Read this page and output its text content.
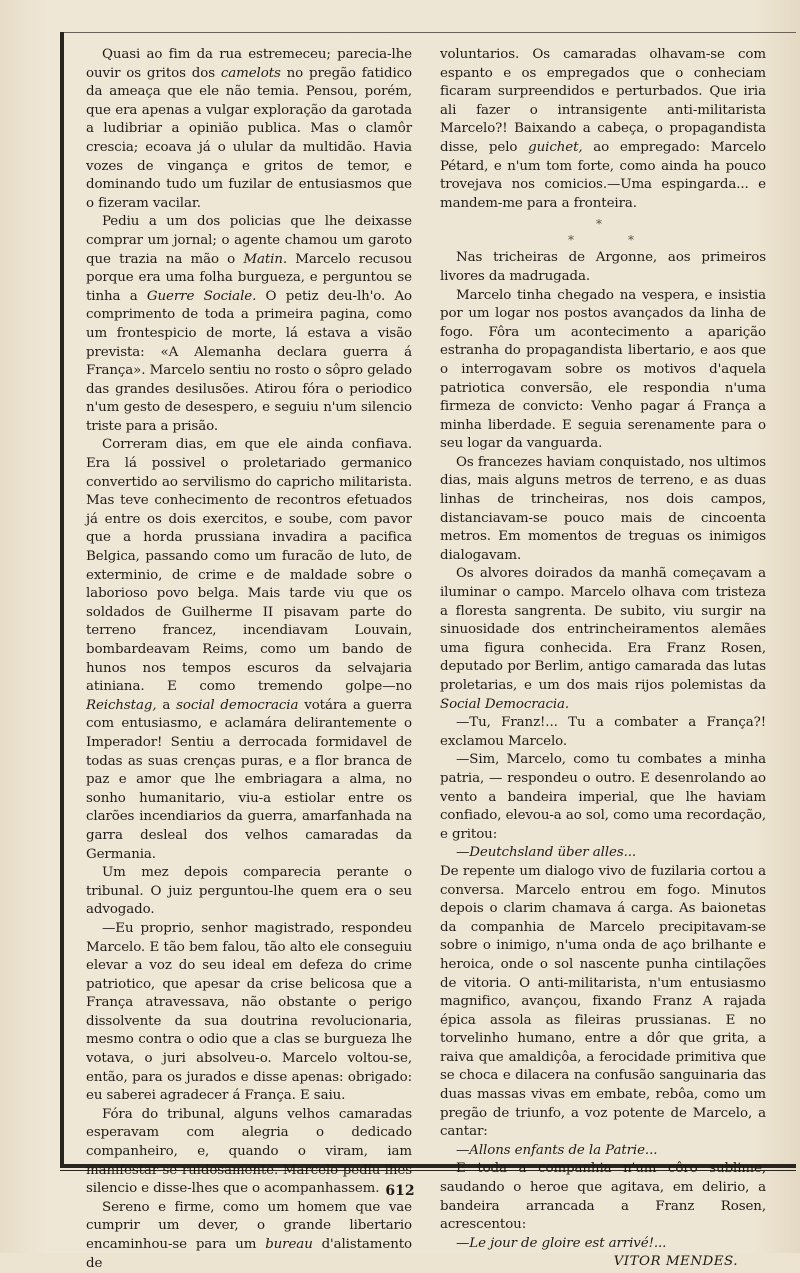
Quasi ao fim da rua estremeceu; pareciа-lhe ouvir os gritos dos camelots no pregão fatidico da ameaça que ele não temia. Pensou, porém, que era apenas a vulgar exploração da garotada a ludibriar a opinião publica. Mas o clamôr crescia; ecoava já o ulular da multidão. Havia vozes de vingança e gritos de temor, e dominando tudo um fuzilar de entusiasmos que o fizeram vacilar.

Pediu a um dos policias que lhe deixasse comprar um jornal; o agente chamou um garoto que trazia na mão o Matin. Marcelo recusou porque era uma folha burgueza, e perguntou se tinha a Guerre Sociale. O petiz deu-lh'o. Ao comprimento de toda a primeira pagina, como um frontespicio de morte, lá estava a visão prevista: «A Alemanha declara guerra á França». Marcelo sentiu no rosto o sôpro gelado das grandes desilusões. Atirou fóra o periodico n'um gesto de desespero, e seguiu n'um silencio triste para a prisão.

Correram dias, em que ele ainda confiava. Era lá possivel o proletariado germanico convertido ao servilismo do capricho militarista. Mas teve conhecimento de recontros efetuados já entre os dois exercitos, e soube, com pavor que a horda prussiana invadira a pacifica Belgica, passando como um furacão de luto, de exterminio, de crime e de maldade sobre o laborioso povo belga. Mais tarde viu que os soldados de Guilherme II pisavam parte do terreno francez, incendiavam Louvain, bombardeavam Reims, como um bando de hunos nos tempos escuros da selvajaria atiniana. E como tremendo golpe—no Reichstag, a social democracia votára a guerra com entusiasmo, e aclamára delirantemente o Imperador! Sentiu a derrocada formidavel de todas as suas crenças puras, e a flor branca de paz e amor que lhe embriagara a alma, no sonho humanitario, viu-a estiolar entre os clarões incendiarios da guerra, amarfanhada na garra desleal dos velhos camaradas da Germania.

Um mez depois comparecia perante o tribunal. O juiz perguntou-lhe quem era o seu advogado.

—Eu proprio, senhor magistrado, respondeu Marcelo. E tão bem falou, tão alto ele conseguiu elevar a voz do seu ideal em defeza do crime patriotico, que apesar da crise belicosa que a França atravessava, não obstante o perigo dissolvente da sua doutrina revolucionaria, mesmo contra o odio que a clas se burgueza lhe votava, o juri absolveu-o. Marcelo voltou-se, então, para os jurados e disse apenas: obrigado: eu saberei agradecer á França. E saiu.

Fóra do tribunal, alguns velhos camaradas esperavam com alegria o dedicado companheiro, e, quando o viram, iam manifestar-se ruidosamente. Marcelo pediu-lhes silencio e disse-lhes que o acompanhassem.

Sereno e firme, como um homem que vae cumprir um dever, o grande libertario encaminhou-se para um bureau d'alistamento de

voluntarios. Os camaradas olhavam-se com espanto e os empregados que o conheciam ficaram surpreendidos e perturbados. Que iria ali fazer o intransigente anti-militarista Marcelo?! Baixando a cabeça, o propagandista disse, pelo guichet, ao empregado: Marcelo Pétard, e n'um tom forte, como ainda ha pouco trovejava nos comicios.—Uma espingarda... e mandem-me para a fronteira.

*
*	*

Nas tricheiras de Argonne, aos primeiros livores da madrugada.

Marcelo tinha chegado na vespera, e insistia por um logar nos postos avançados da linha de fogo. Fôra um acontecimento a aparição estranha do propagandista libertario, e aos que o interrogavam sobre os motivos d'aquela patriotica conversão, ele respondia n'uma firmeza de convicto: Venho pagar á França a minha liberdade. E seguia serenamente para o seu logar da vanguarda.

Os francezes haviam conquistado, nos ultimos dias, mais alguns metros de terreno, e as duas linhas de trincheiras, nos dois campos, distanciavam-se pouco mais de cincoenta metros. Em momentos de treguas os inimigos dialogavam.

Os alvores doirados da manhã começavam a iluminar o campo. Marcelo olhava com tristeza a floresta sangrenta. De subito, viu surgir na sinuosidade dos entrincheiramentos alemães uma figura conhecida. Era Franz Rosen, deputado por Berlim, antigo camarada das lutas proletarias, e um dos mais rijos polemistas da Social Democracia.

—Tu, Franz!... Tu a combater a França?! exclamou Marcelo.

—Sim, Marcelo, como tu combates a minha patria, — respondeu o outro. E desenrolando ao vento a bandeira imperial, que lhe haviam confiado, elevou-a ao sol, como uma recordação, e gritou:

—Deutchsland über alles...

De repente um dialogo vivo de fuzilaria cortou a conversa. Marcelo entrou em fogo. Minutos depois o clarim chamava á carga. As baionetas da companhia de Marcelo precipitavam-se sobre o inimigo, n'uma onda de aço brilhante e heroica, onde o sol nascente punha cintilações de vitoria. O anti-militarista, n'um entusiasmo magnifico, avançou, fixando Franz A rajada épica assola as fileiras prussianas. E no torvelinho humano, entre a dôr que grita, a raiva que amaldiçôa, a ferocidade primitiva que se choca e dilacera na confusão sanguinaria das duas massas vivas em embate, rebôa, como um pregão de triunfo, a voz potente de Marcelo, a cantar:

—Allons enfants de la Patrie...

E toda a companhia n'um côro sublime, saudando o heroe que agitava, em delirio, a bandeira arrancada a Franz Rosen, acrescentou:

—Le jour de gloire est arrivé!...

VITOR MENDES.
612
